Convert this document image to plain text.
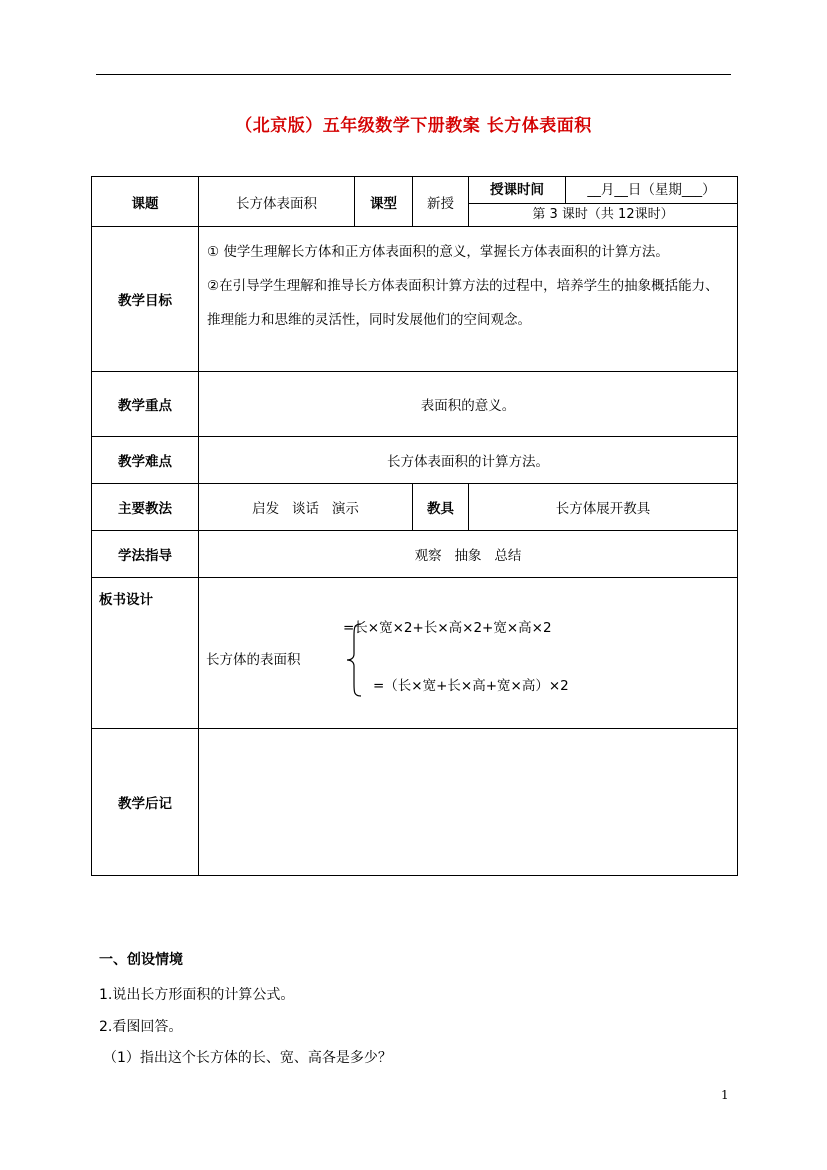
（北京版）五年级数学下册教案 长方体表面积
课题	长方体表面积	课型	新授	授课时间 __月__日（星期___）
第 3 课时（共 12课时）

教学目标	① 使学生理解长方体和正方体表面积的意义，掌握长方体表面积的计算方法。

②在引导学生理解和推导长方体表面积计算方法的过程中，培养学生的抽象概括能力、推理能力和思维的灵活性，同时发展他们的空间观念。			

教学重点	表面积的意义。			
教学难点	长方体表面积的计算方法。			
主要教法	启发   谈话   演示		教具	长方体展开教具
学法指导	观察   抽象   总结			
板书设计	长方体的表面积
=长×宽×2+长×高×2+宽×高×2
=（长×宽+长×高+宽×高）×2			

教学后记				
一、创设情境
1.说出长方形面积的计算公式。
2.看图回答。
（1）指出这个长方体的长、宽、高各是多少？
1
